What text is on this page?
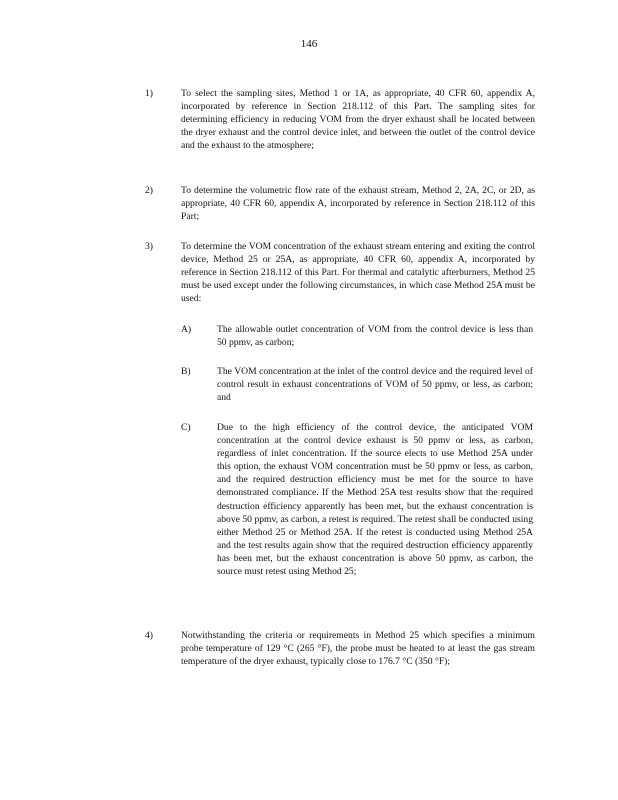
146
1)	To select the sampling sites, Method 1 or 1A, as appropriate, 40 CFR 60, appendix A, incorporated by reference in Section 218.112 of this Part. The sampling sites for determining efficiency in reducing VOM from the dryer exhaust shall be located between the dryer exhaust and the control device inlet, and between the outlet of the control device and the exhaust to the atmosphere;
2)	To determine the volumetric flow rate of the exhaust stream, Method 2, 2A, 2C, or 2D, as appropriate, 40 CFR 60, appendix A, incorporated by reference in Section 218.112 of this Part;
3)	To determine the VOM concentration of the exhaust stream entering and exiting the control device, Method 25 or 25A, as appropriate, 40 CFR 60, appendix A, incorporated by reference in Section 218.112 of this Part. For thermal and catalytic afterburners, Method 25 must be used except under the following circumstances, in which case Method 25A must be used:
A)	The allowable outlet concentration of VOM from the control device is less than 50 ppmv, as carbon;
B)	The VOM concentration at the inlet of the control device and the required level of control result in exhaust concentrations of VOM of 50 ppmv, or less, as carbon; and
C)	Due to the high efficiency of the control device, the anticipated VOM concentration at the control device exhaust is 50 ppmv or less, as carbon, regardless of inlet concentration. If the source elects to use Method 25A under this option, the exhaust VOM concentration must be 50 ppmv or less, as carbon, and the required destruction efficiency must be met for the source to have demonstrated compliance. If the Method 25A test results show that the required destruction efficiency apparently has been met, but the exhaust concentration is above 50 ppmv, as carbon, a retest is required. The retest shall be conducted using either Method 25 or Method 25A. If the retest is conducted using Method 25A and the test results again show that the required destruction efficiency apparently has been met, but the exhaust concentration is above 50 ppmv, as carbon, the source must retest using Method 25;
4)	Notwithstanding the criteria or requirements in Method 25 which specifies a minimum probe temperature of 129 °C (265 °F), the probe must be heated to at least the gas stream temperature of the dryer exhaust, typically close to 176.7 °C (350 °F);
